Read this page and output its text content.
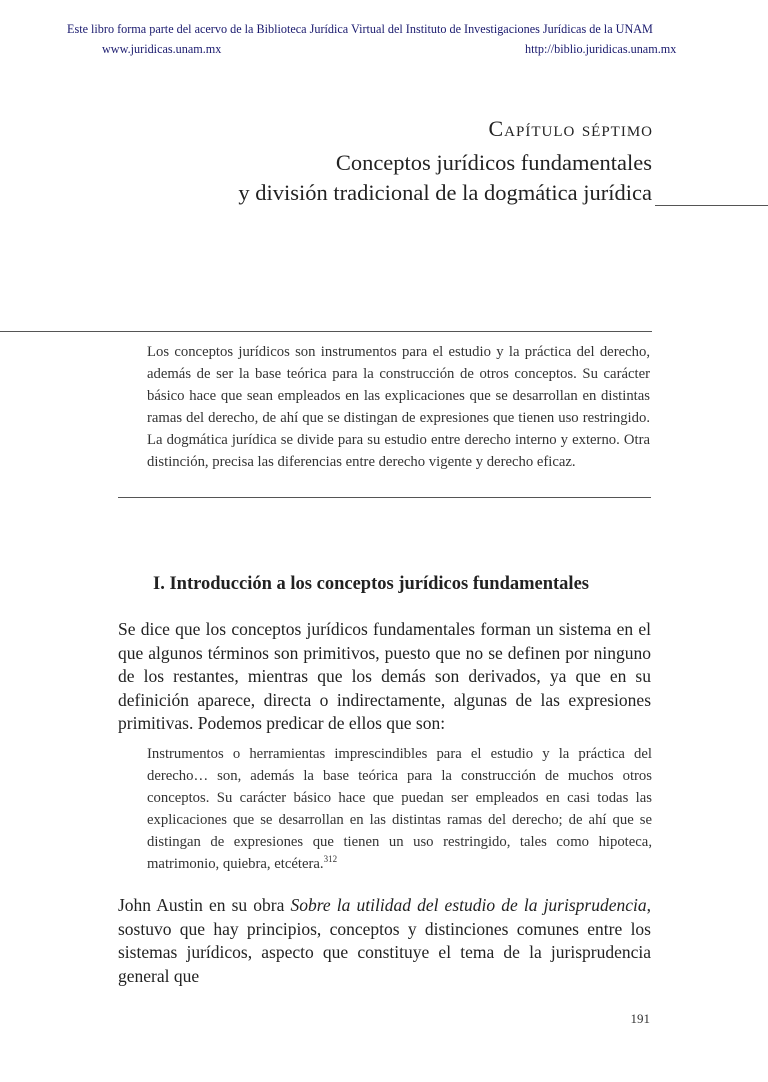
Este libro forma parte del acervo de la Biblioteca Jurídica Virtual del Instituto de Investigaciones Jurídicas de la UNAM
www.juridicas.unam.mx	http://biblio.juridicas.unam.mx
Capítulo séptimo
Conceptos jurídicos fundamentales
y división tradicional de la dogmática jurídica
Los conceptos jurídicos son instrumentos para el estudio y la práctica del derecho, además de ser la base teórica para la construcción de otros conceptos. Su carácter básico hace que sean empleados en las explicaciones que se desarrollan en distintas ramas del derecho, de ahí que se distingan de expresiones que tienen uso restringido. La dogmática jurídica se divide para su estudio entre derecho interno y externo. Otra distinción, precisa las diferencias entre derecho vigente y derecho eficaz.
I. Introducción a los conceptos jurídicos fundamentales
Se dice que los conceptos jurídicos fundamentales forman un sistema en el que algunos términos son primitivos, puesto que no se definen por ninguno de los restantes, mientras que los demás son derivados, ya que en su definición aparece, directa o indirectamente, algunas de las expresiones primitivas. Podemos predicar de ellos que son:
Instrumentos o herramientas imprescindibles para el estudio y la práctica del derecho… son, además la base teórica para la construcción de muchos otros conceptos. Su carácter básico hace que puedan ser empleados en casi todas las explicaciones que se desarrollan en las distintas ramas del derecho; de ahí que se distingan de expresiones que tienen un uso restringido, tales como hipoteca, matrimonio, quiebra, etcétera.$^{312}$
John Austin en su obra Sobre la utilidad del estudio de la jurisprudencia, sostuvo que hay principios, conceptos y distinciones comunes entre los sistemas jurídicos, aspecto que constituye el tema de la jurisprudencia general que
191
